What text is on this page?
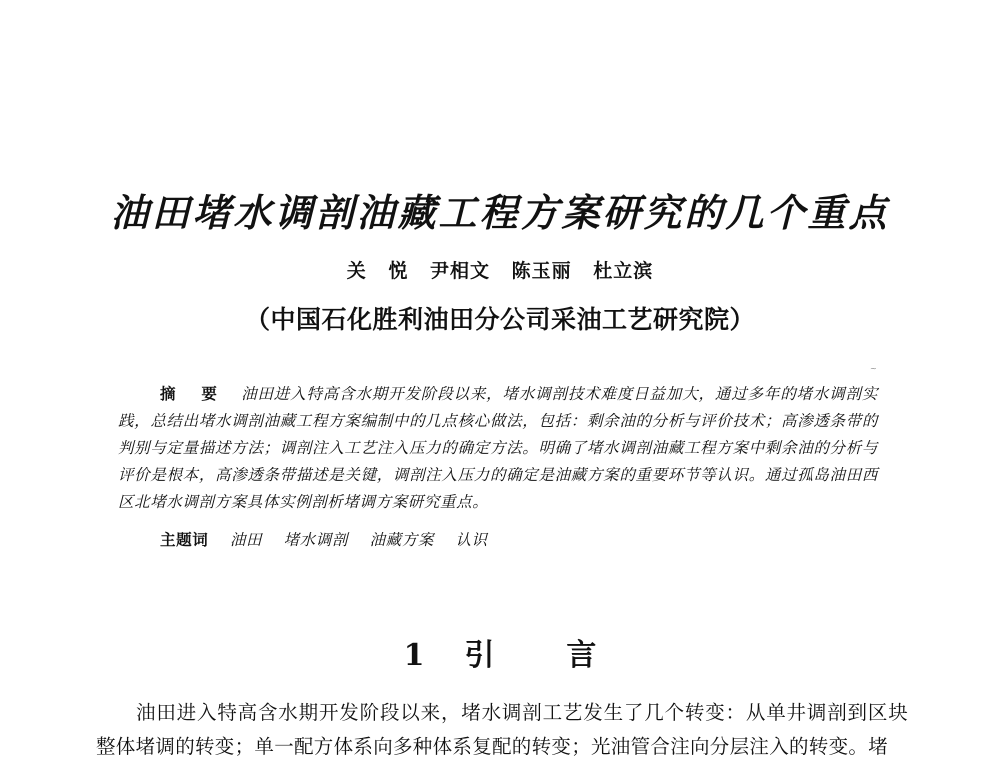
油田堵水调剖油藏工程方案研究的几个重点
关 悦 尹相文 陈玉丽 杜立滨
（中国石化胜利油田分公司采油工艺研究院）
~
摘 要 油田进入特高含水期开发阶段以来，堵水调剖技术难度日益加大，通过多年的堵水调剖实践，总结出堵水调剖油藏工程方案编制中的几点核心做法，包括：剩余油的分析与评价技术；高渗透条带的判别与定量描述方法；调剖注入工艺注入压力的确定方法。明确了堵水调剖油藏工程方案中剩余油的分析与评价是根本，高渗透条带描述是关键，调剖注入压力的确定是油藏方案的重要环节等认识。通过孤岛油田西区北堵水调剖方案具体实例剖析堵调方案研究重点。
主题词 油田 堵水调剖 油藏方案 认识
1 引言
油田进入特高含水期开发阶段以来，堵水调剖工艺发生了几个转变：从单井调剖到区块整体堵调的转变；单一配方体系向多种体系复配的转变；光油管合注向分层注入的转变。堵
